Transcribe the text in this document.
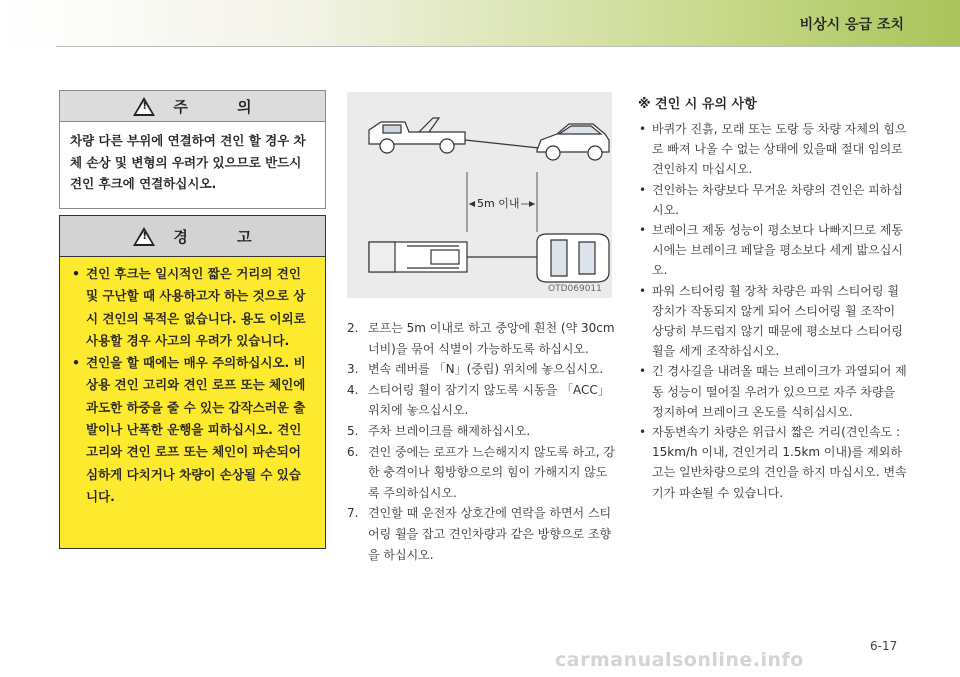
비상시 응급 조치
! 주 의
차량 다른 부위에 연결하여 견인 할 경우 차체 손상 및 변형의 우려가 있으므로 반드시 견인 후크에 연결하십시오.
! 경 고
• 견인 후크는 일시적인 짧은 거리의 견인 및 구난할 때 사용하고자 하는 것으로 상시 견인의 목적은 없습니다. 용도 이외로 사용할 경우 사고의 우려가 있습니다.
• 견인을 할 때에는 매우 주의하십시오. 비상용 견인 고리와 견인 로프 또는 체인에 과도한 하중을 줄 수 있는 갑작스러운 출발이나 난폭한 운행을 피하십시오. 견인 고리와 견인 로프 또는 체인이 파손되어 심하게 다치거나 차량이 손상될 수 있습니다.
5m 이내
OTD069011
2. 로프는 5m 이내로 하고 중앙에 흰천 (약 30cm 너비)을 묶어 식별이 가능하도록 하십시오.
3. 변속 레버를 「N」(중립) 위치에 놓으십시오.
4. 스티어링 휠이 잠기지 않도록 시동을 「ACC」 위치에 놓으십시오.
5. 주차 브레이크를 해제하십시오.
6. 견인 중에는 로프가 느슨해지지 않도록 하고, 강한 충격이나 횡방향으로의 힘이 가해지지 않도록 주의하십시오.
7. 견인할 때 운전자 상호간에 연락을 하면서 스티어링 휠을 잡고 견인차량과 같은 방향으로 조향을 하십시오.
※ 견인 시 유의 사항
• 바퀴가 진흙, 모래 또는 도랑 등 차량 자체의 힘으로 빠져 나올 수 없는 상태에 있을때 절대 임의로 견인하지 마십시오.
• 견인하는 차량보다 무거운 차량의 견인은 피하십시오.
• 브레이크 제동 성능이 평소보다 나빠지므로 제동시에는 브레이크 페달을 평소보다 세게 밟으십시오.
• 파워 스티어링 휠 장착 차량은 파워 스티어링 휠 장치가 작동되지 않게 되어 스티어링 휠 조작이 상당히 부드럽지 않기 때문에 평소보다 스티어링 휠을 세게 조작하십시오.
• 긴 경사길을 내려올 때는 브레이크가 과열되어 제동 성능이 떨어질 우려가 있으므로 자주 차량을 정지하여 브레이크 온도를 식히십시오.
• 자동변속기 차량은 위급시 짧은 거리(견인속도 : 15km/h 이내, 견인거리 1.5km 이내)를 제외하고는 일반차량으로의 견인을 하지 마십시오. 변속기가 파손될 수 있습니다.
6-17
carmanualsonline.info
